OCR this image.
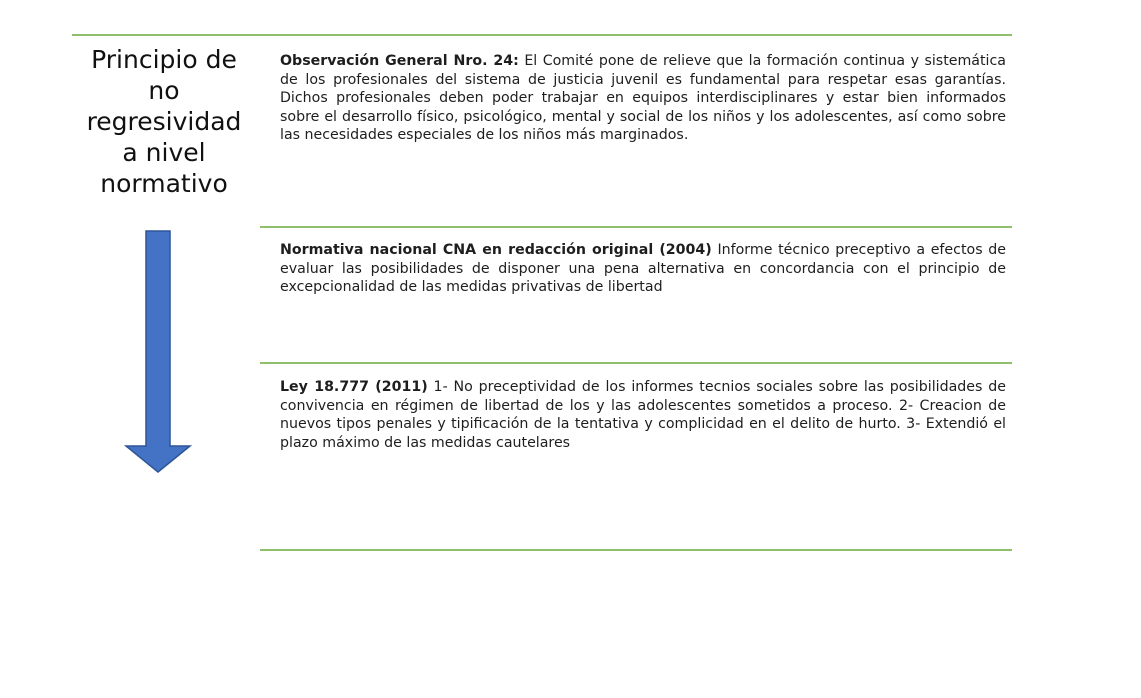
Principio de
no
regresividad
a nivel
normativo
Observación General Nro. 24: El Comité pone de relieve que la formación continua y sistemática de los profesionales del sistema de justicia juvenil es fundamental para respetar esas garantías. Dichos profesionales deben poder trabajar en equipos interdisciplinares y estar bien informados sobre el desarrollo físico, psicológico, mental y social de los niños y los adolescentes, así como sobre las necesidades especiales de los niños más marginados.
Normativa nacional CNA en redacción original (2004) Informe técnico preceptivo a efectos de evaluar las posibilidades de disponer una pena alternativa en concordancia con el principio de excepcionalidad de las medidas privativas de libertad
Ley 18.777 (2011) 1- No preceptividad de los informes tecnios sociales sobre las posibilidades de convivencia en régimen de libertad de los y las adolescentes sometidos a proceso. 2- Creacion de nuevos tipos penales y tipificación de la tentativa y complicidad en el delito de hurto. 3- Extendió el plazo máximo de las medidas cautelares
